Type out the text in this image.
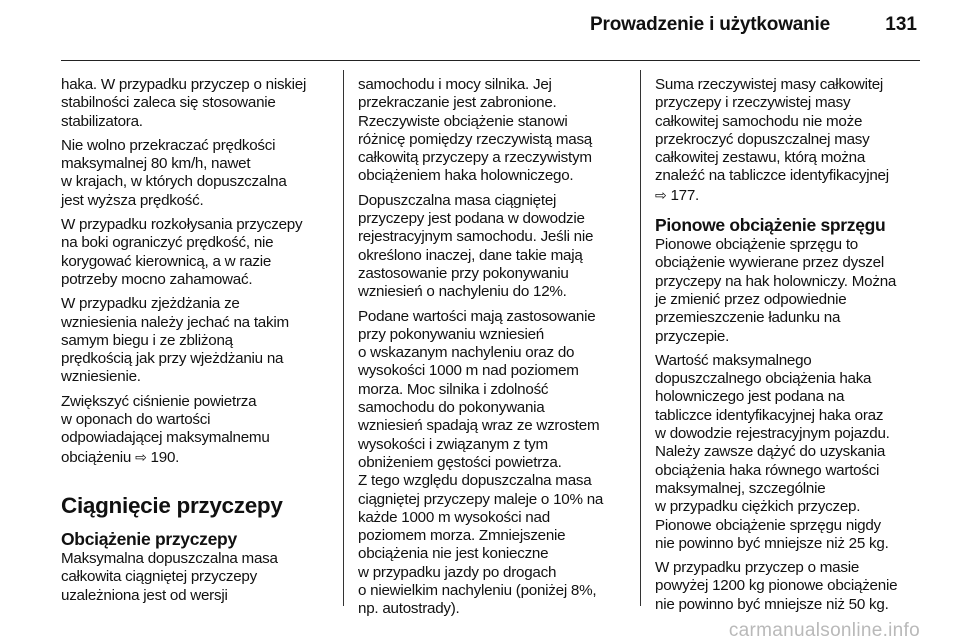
Prowadzenie i użytkowanie	131

haka. W przypadku przyczep o niskiej
stabilności zaleca się stosowanie
stabilizatora.

Nie wolno przekraczać prędkości
maksymalnej 80 km/h, nawet
w krajach, w których dopuszczalna
jest wyższa prędkość.

W przypadku rozkołysania przyczepy
na boki ograniczyć prędkość, nie
korygować kierownicą, a w razie
potrzeby mocno zahamować.

W przypadku zjeżdżania ze
wzniesienia należy jechać na takim
samym biegu i ze zbliżoną
prędkością jak przy wjeżdżaniu na
wzniesienie.

Zwiększyć ciśnienie powietrza
w oponach do wartości
odpowiadającej maksymalnemu
obciążeniu ⇨ 190.

Ciągnięcie przyczepy
Obciążenie przyczepy

Maksymalna dopuszczalna masa
całkowita ciągniętej przyczepy
uzależniona jest od wersji

samochodu i mocy silnika. Jej
przekraczanie jest zabronione.
Rzeczywiste obciążenie stanowi
różnicę pomiędzy rzeczywistą masą
całkowitą przyczepy a rzeczywistym
obciążeniem haka holowniczego.

Dopuszczalna masa ciągniętej
przyczepy jest podana w dowodzie
rejestracyjnym samochodu. Jeśli nie
określono inaczej, dane takie mają
zastosowanie przy pokonywaniu
wzniesień o nachyleniu do 12%.

Podane wartości mają zastosowanie
przy pokonywaniu wzniesień
o wskazanym nachyleniu oraz do
wysokości 1000 m nad poziomem
morza. Moc silnika i zdolność
samochodu do pokonywania
wzniesień spadają wraz ze wzrostem
wysokości i związanym z tym
obniżeniem gęstości powietrza.
Z tego względu dopuszczalna masa
ciągniętej przyczepy maleje o 10% na
każde 1000 m wysokości nad
poziomem morza. Zmniejszenie
obciążenia nie jest konieczne
w przypadku jazdy po drogach
o niewielkim nachyleniu (poniżej 8%,
np. autostrady).

Suma rzeczywistej masy całkowitej
przyczepy i rzeczywistej masy
całkowitej samochodu nie może
przekroczyć dopuszczalnej masy
całkowitej zestawu, którą można
znaleźć na tabliczce identyfikacyjnej
⇨ 177.

Pionowe obciążenie sprzęgu

Pionowe obciążenie sprzęgu to
obciążenie wywierane przez dyszel
przyczepy na hak holowniczy. Można
je zmienić przez odpowiednie
przemieszczenie ładunku na
przyczepie.

Wartość maksymalnego
dopuszczalnego obciążenia haka
holowniczego jest podana na
tabliczce identyfikacyjnej haka oraz
w dowodzie rejestracyjnym pojazdu.
Należy zawsze dążyć do uzyskania
obciążenia haka równego wartości
maksymalnej, szczególnie
w przypadku ciężkich przyczep.
Pionowe obciążenie sprzęgu nigdy
nie powinno być mniejsze niż 25 kg.

W przypadku przyczep o masie
powyżej 1200 kg pionowe obciążenie
nie powinno być mniejsze niż 50 kg.

carmanualsonline.info
